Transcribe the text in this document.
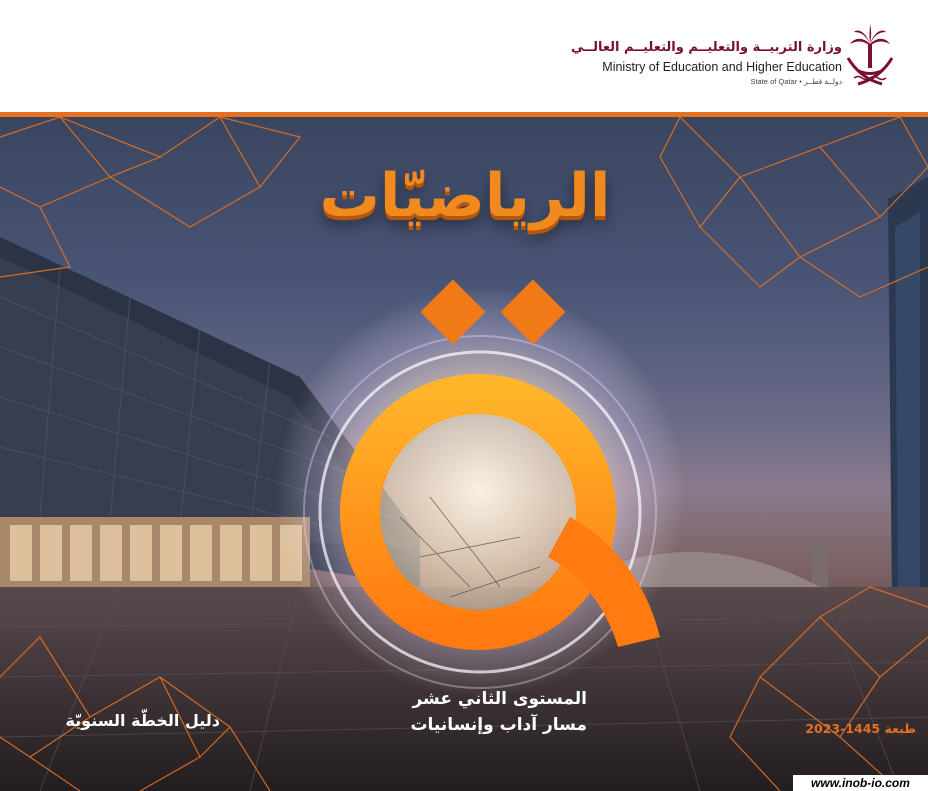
وزارة التربيــة والتعليــم والتعليــم العالــي
Ministry of Education and Higher Education
State of Qatar • دولــة قطــر
الرياضيّات
المستوى الثاني عشر
مسار آداب وإنسانيات
دليل الخطّة السنويّة	طبعة 1445-2023
www.inob-io.com
